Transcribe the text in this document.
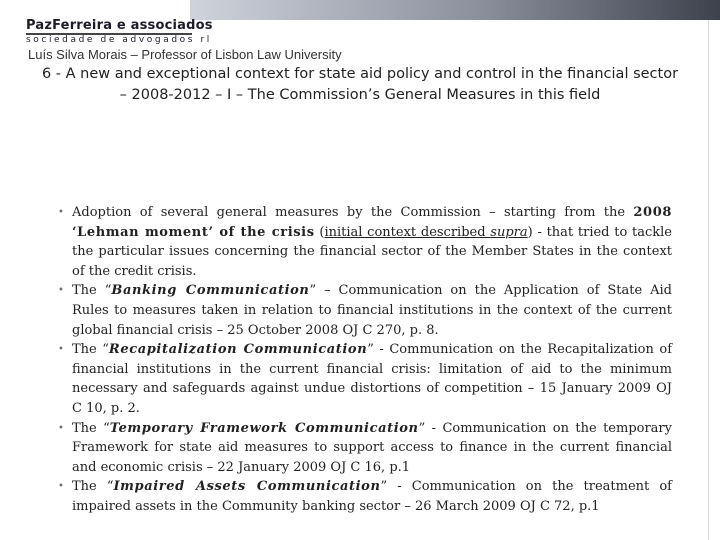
PazFerreira e associados
sociedade de advogados rl
Luís Silva Morais – Professor of Lisbon Law University
6 - A new and exceptional context for state aid policy and control in the financial sector – 2008-2012 – I – The Commission’s General Measures in this field
• Adoption of several general measures by the Commission – starting from the 2008 ‘Lehman moment’ of the crisis (initial context described supra) - that tried to tackle the particular issues concerning the financial sector of the Member States in the context of the credit crisis.
• The “Banking Communication” – Communication on the Application of State Aid Rules to measures taken in relation to financial institutions in the context of the current global financial crisis – 25 October 2008 OJ C 270, p. 8.
• The “Recapitalization Communication” - Communication on the Recapitalization of financial institutions in the current financial crisis: limitation of aid to the minimum necessary and safeguards against undue distortions of competition – 15 January 2009 OJ C 10, p. 2.
• The “Temporary Framework Communication” - Communication on the temporary Framework for state aid measures to support access to finance in the current financial and economic crisis – 22 January 2009 OJ C 16, p.1
• The “Impaired Assets Communication” - Communication on the treatment of impaired assets in the Community banking sector – 26 March 2009 OJ C 72, p.1
